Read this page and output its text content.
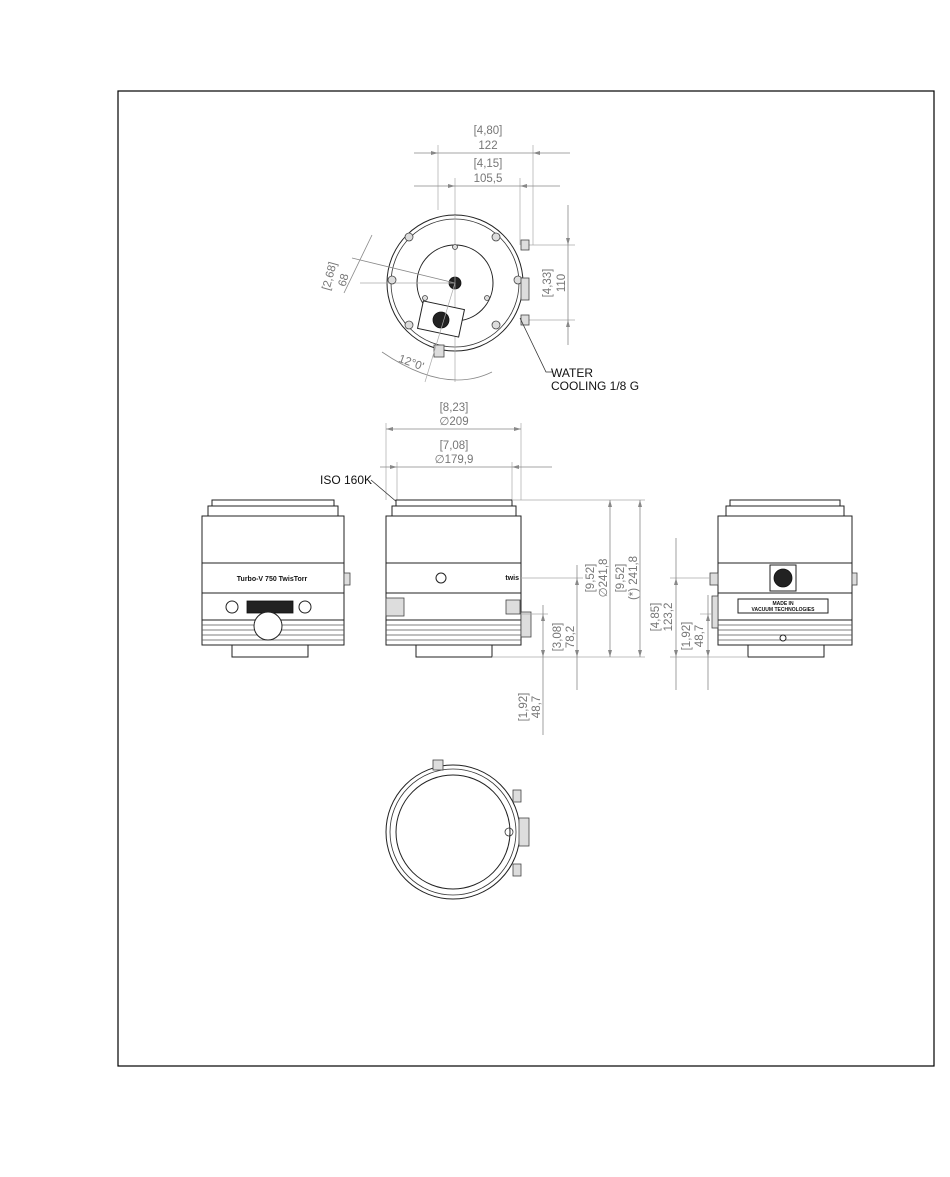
[4,80]
122
[4,15]
105,5
[4,33] 110
[2,68]
68
12°0'	WATER
COOLING 1/8 G
[8,23]
∅209
[7,08]
∅179,9
ISO 160K
Turbo-V 750 TwisTorr	twis	[9,52] ∅241,8 [9,52] (*) 241,8
[3,08] 78,2
[1,92] 48,7
MADE IN
VACUUM TECHNOLOGIES
[4,85] 123,2
[1,92] 48,7
